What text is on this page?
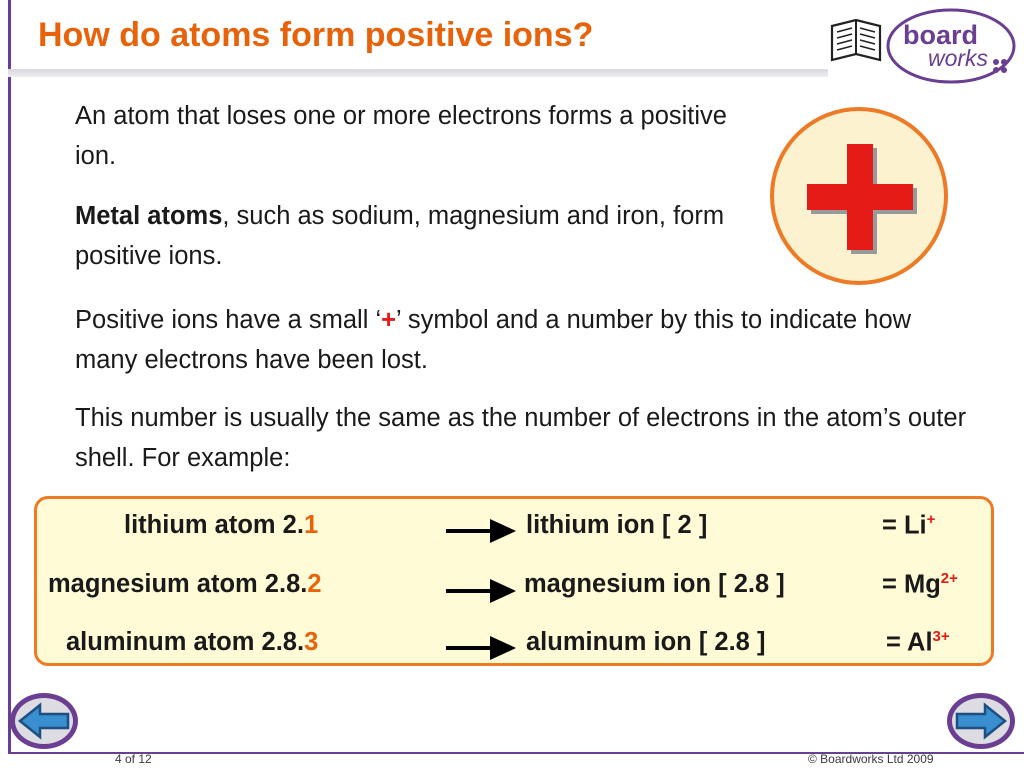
How do atoms form positive ions?	board
works

An atom that loses one or more electrons forms a positive ion.

Metal atoms, such as sodium, magnesium and iron, form positive ions.

Positive ions have a small ‘+’ symbol and a number by this to indicate how many electrons have been lost.

This number is usually the same as the number of electrons in the atom’s outer shell. For example:

lithium atom 2.1	lithium ion [ 2 ]	= Li+
magnesium atom 2.8.2	magnesium ion [ 2.8 ]	= $Mg^{2+}$
aluminum atom 2.8.3	aluminum ion [ 2.8 ]	= $Al^{3+}$
4 of 12	© Boardworks Ltd 2009
